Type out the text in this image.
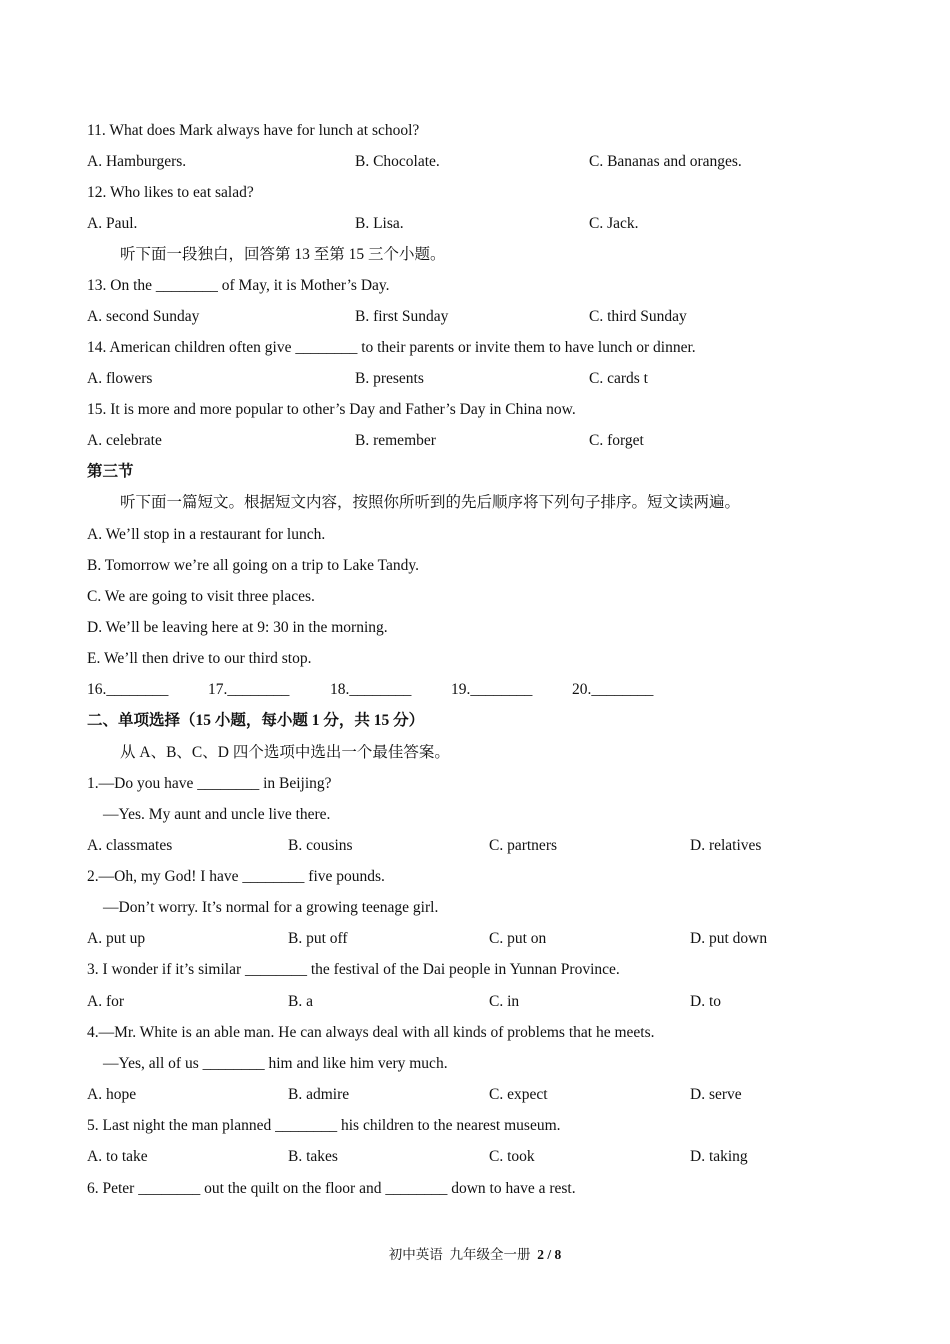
11. What does Mark always have for lunch at school?
A. Hamburgers.	B. Chocolate.	C. Bananas and oranges.
12. Who likes to eat salad?
A. Paul.	B. Lisa.	C. Jack.
听下面一段独白，回答第 13 至第 15 三个小题。
13. On the ________ of May, it is Mother’s Day.
A. second Sunday	B. first Sunday	C. third Sunday
14. American children often give ________ to their parents or invite them to have lunch or dinner.
A. flowers	B. presents	C. cards t
15. It is more and more popular to other’s Day and Father’s Day in China now.
A. celebrate	B. remember	C. forget
第三节
听下面一篇短文。根据短文内容，按照你所听到的先后顺序将下列句子排序。短文读两遍。
A. We’ll stop in a restaurant for lunch.
B. Tomorrow we’re all going on a trip to Lake Tandy.
C. We are going to visit three places.
D. We’ll be leaving here at 9: 30 in the morning.
E. We’ll then drive to our third stop.
16.________	17.________	18.________	19.________	20.________
二、单项选择（15 小题，每小题 1 分，共 15 分）
从 A、B、C、D 四个选项中选出一个最佳答案。
1.—Do you have ________ in Beijing?
—Yes. My aunt and uncle live there.
A. classmates	B. cousins	C. partners	D. relatives
2.—Oh, my God! I have ________ five pounds.
—Don’t worry. It’s normal for a growing teenage girl.
A. put up	B. put off	C. put on	D. put down
3. I wonder if it’s similar ________ the festival of the Dai people in Yunnan Province.
A. for	B. a	C. in	D. to
4.—Mr. White is an able man. He can always deal with all kinds of problems that he meets.
—Yes, all of us ________ him and like him very much.
A. hope	B. admire	C. expect	D. serve
5. Last night the man planned ________ his children to the nearest museum.
A. to take	B. takes	C. took	D. taking
6. Peter ________ out the quilt on the floor and ________ down to have a rest.
初中英语  九年级全一册  2 / 8
